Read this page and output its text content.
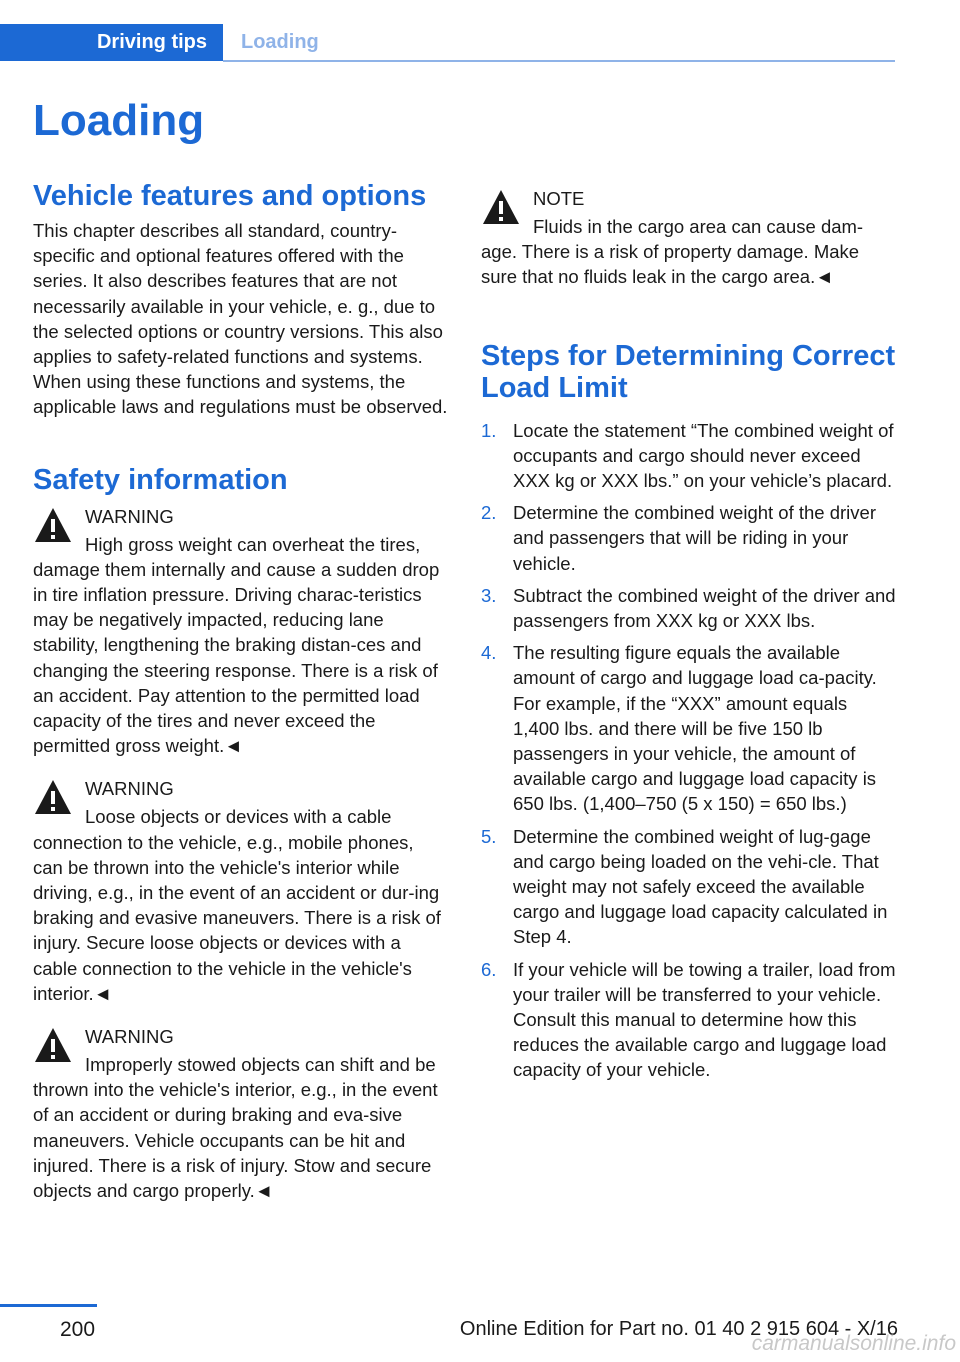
Driving tips	Loading
Loading
Vehicle features and options

This chapter describes all standard, country-specific and optional features offered with the series. It also describes features that are not necessarily available in your vehicle, e. g., due to the selected options or country versions. This also applies to safety-related functions and systems. When using these functions and systems, the applicable laws and regulations must be observed.

Safety information
WARNING
High gross weight can overheat the tires, damage them internally and cause a sudden drop in tire inflation pressure. Driving charac-teristics may be negatively impacted, reducing lane stability, lengthening the braking distan-ces and changing the steering response. There is a risk of an accident. Pay attention to the permitted load capacity of the tires and never exceed the permitted gross weight.◄
WARNING
Loose objects or devices with a cable connection to the vehicle, e.g., mobile phones, can be thrown into the vehicle's interior while driving, e.g., in the event of an accident or dur-ing braking and evasive maneuvers. There is a risk of injury. Secure loose objects or devices with a cable connection to the vehicle in the vehicle's interior.◄
WARNING
Improperly stowed objects can shift and be thrown into the vehicle's interior, e.g., in the event of an accident or during braking and eva-sive maneuvers. Vehicle occupants can be hit and injured. There is a risk of injury. Stow and secure objects and cargo properly.◄
NOTE
Fluids in the cargo area can cause dam-age. There is a risk of property damage. Make sure that no fluids leak in the cargo area.◄
Steps for Determining Correct Load Limit
1. Locate the statement “The combined weight of occupants and cargo should never exceed XXX kg or XXX lbs.” on your vehicle’s placard.
2. Determine the combined weight of the driver and passengers that will be riding in your vehicle.
3. Subtract the combined weight of the driver and passengers from XXX kg or XXX lbs.
4. The resulting figure equals the available amount of cargo and luggage load ca-pacity. For example, if the “XXX” amount equals 1,400 lbs. and there will be five 150 lb passengers in your vehicle, the amount of available cargo and luggage load capacity is 650 lbs. (1,400–750 (5 x 150) = 650 lbs.)
5. Determine the combined weight of lug-gage and cargo being loaded on the vehi-cle. That weight may not safely exceed the available cargo and luggage load capacity calculated in Step 4.
6. If your vehicle will be towing a trailer, load from your trailer will be transferred to your vehicle. Consult this manual to determine how this reduces the available cargo and luggage load capacity of your vehicle.
200	Online Edition for Part no. 01 40 2 915 604 - X/16
carmanualsonline.info
